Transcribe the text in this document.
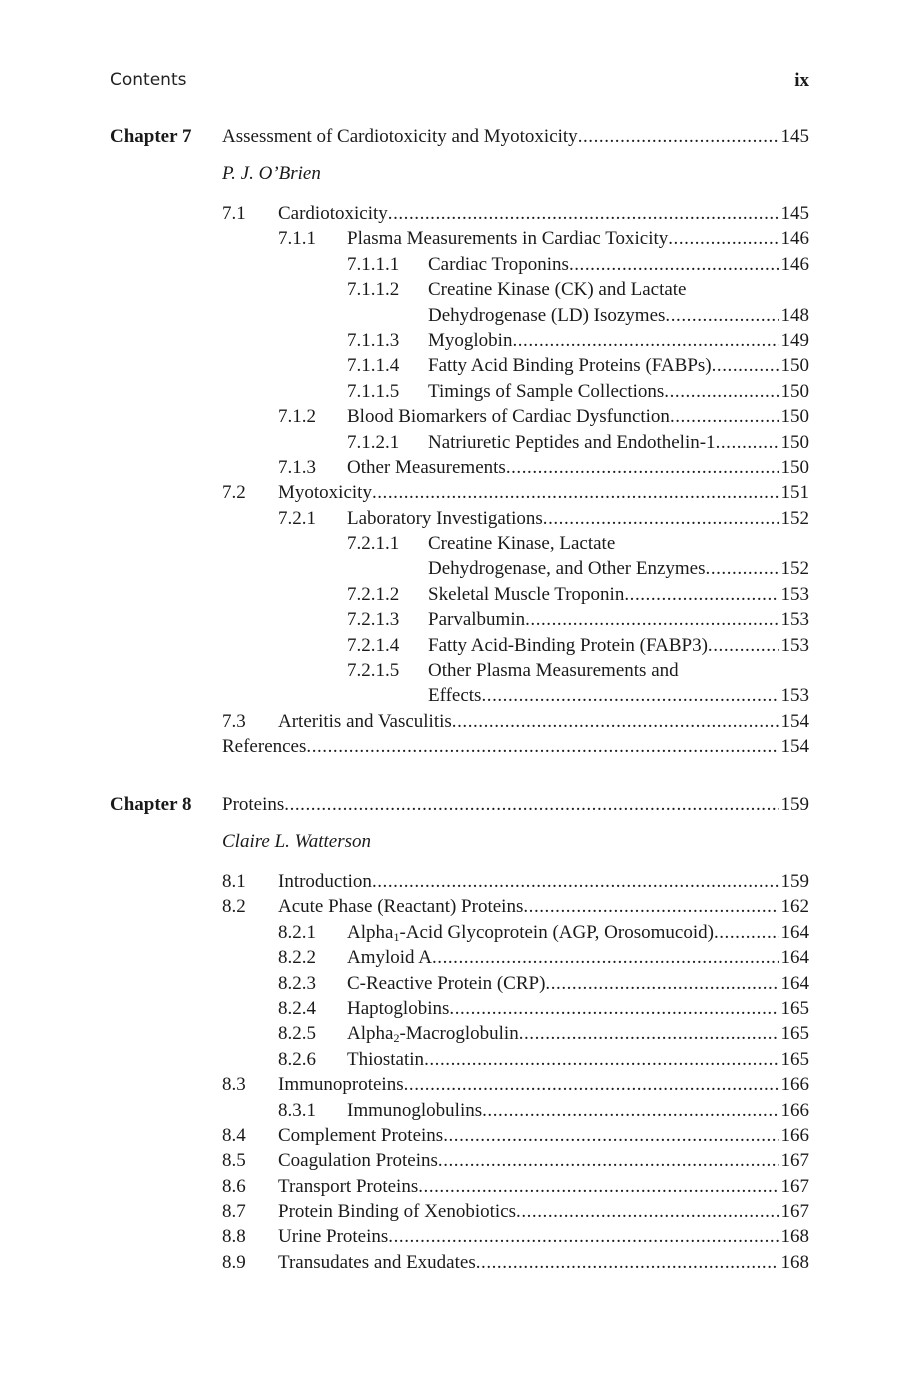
Contents	ix
Chapter 7 Assessment of Cardiotoxicity and Myotoxicity . . .	145
P. J. O’Brien
7.1 Cardiotoxicity . . .	145
7.1.1 Plasma Measurements in Cardiac Toxicity . . .	146
7.1.1.1 Cardiac Troponins . . .	146
7.1.1.2 Creatine Kinase (CK) and Lactate
Dehydrogenase (LD) Isozymes . . .	148
7.1.1.3 Myoglobin . . .	149
7.1.1.4 Fatty Acid Binding Proteins (FABPs) . . .	150
7.1.1.5 Timings of Sample Collections . . .	150
7.1.2 Blood Biomarkers of Cardiac Dysfunction . . .	150
7.1.2.1 Natriuretic Peptides and Endothelin-1 . . .	150
7.1.3 Other Measurements . . .	150
7.2 Myotoxicity . . .	151
7.2.1 Laboratory Investigations . . .	152
7.2.1.1 Creatine Kinase, Lactate
Dehydrogenase, and Other Enzymes . . .	152
7.2.1.2 Skeletal Muscle Troponin . . .	153
7.2.1.3 Parvalbumin . . .	153
7.2.1.4 Fatty Acid-Binding Protein (FABP3) . . .	153
7.2.1.5 Other Plasma Measurements and
Effects . . .	153
7.3 Arteritis and Vasculitis . . .	154
References . . .	154
Chapter 8 Proteins . . .	159
Claire L. Watterson
8.1 Introduction . . .	159
8.2 Acute Phase (Reactant) Proteins . . .	162
8.2.1 Alpha$_1$-Acid Glycoprotein (AGP, Orosomucoid) . . .	164
8.2.2 Amyloid A . . .	164
8.2.3 C-Reactive Protein (CRP) . . .	164
8.2.4 Haptoglobins . . .	165
8.2.5 Alpha$_2$-Macroglobulin . . .	165
8.2.6 Thiostatin . . .	165
8.3 Immunoproteins . . .	166
8.3.1 Immunoglobulins . . .	166
8.4 Complement Proteins . . .	166
8.5 Coagulation Proteins . . .	167
8.6 Transport Proteins . . .	167
8.7 Protein Binding of Xenobiotics . . .	167
8.8 Urine Proteins . . .	168
8.9 Transudates and Exudates . . .	168
